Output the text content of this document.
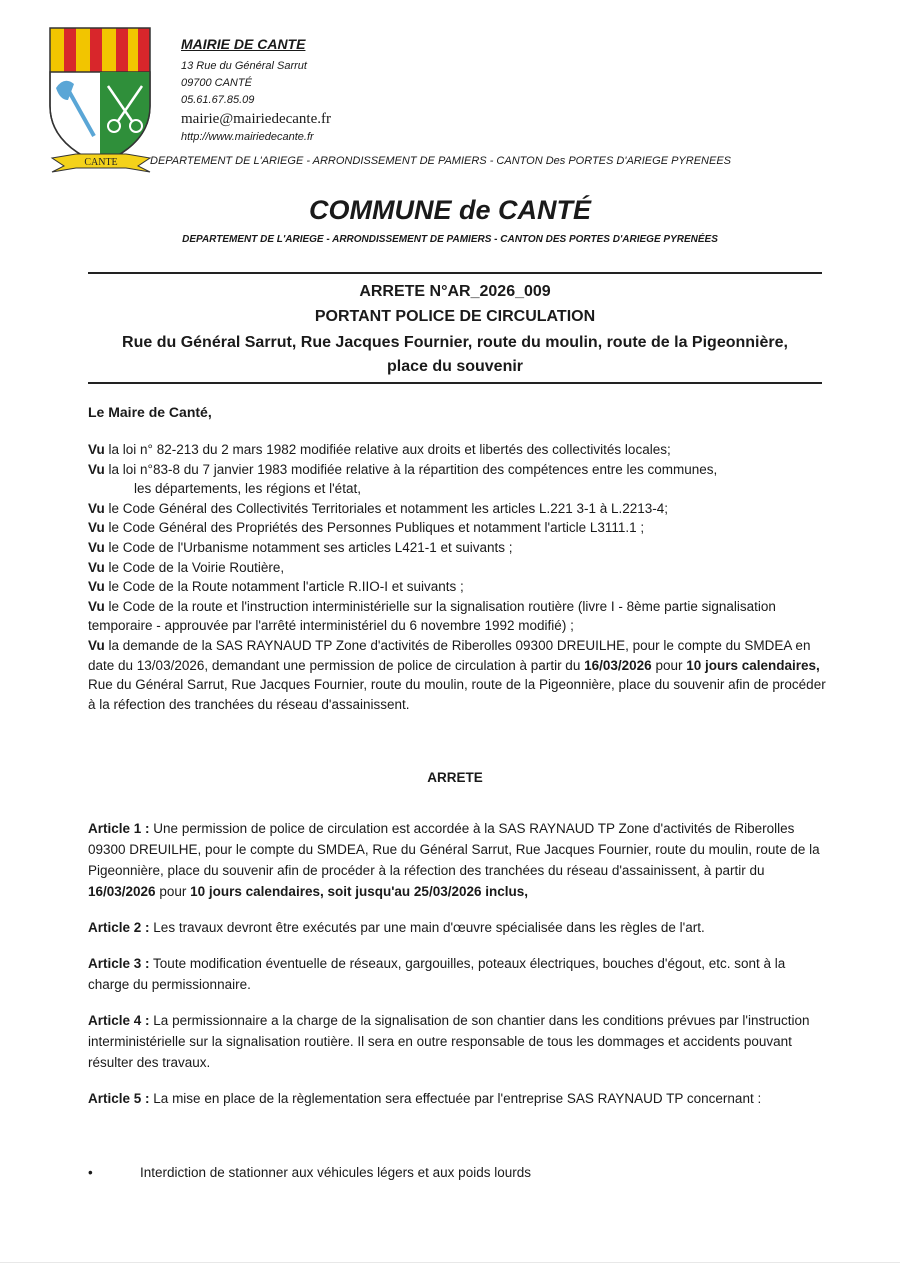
CANTE
MAIRIE DE CANTE
13 Rue du Général Sarrut
09700 CANTÉ
05.61.67.85.09
mairie@mairiedecante.fr
http://www.mairiedecante.fr
DEPARTEMENT DE L'ARIEGE - ARRONDISSEMENT DE PAMIERS - CANTON Des PORTES D'ARIEGE PYRENEES
COMMUNE de CANTÉ
DEPARTEMENT DE L'ARIEGE - ARRONDISSEMENT DE PAMIERS - CANTON DES PORTES D'ARIEGE PYRENÉES
ARRETE N°AR_2026_009
PORTANT POLICE DE CIRCULATION
Rue du Général Sarrut, Rue Jacques Fournier, route du moulin, route de la Pigeonnière, place du souvenir
Le Maire de Canté,

Vu la loi n° 82-213 du 2 mars 1982 modifiée relative aux droits et libertés des collectivités locales;

Vu la loi n°83-8 du 7 janvier 1983 modifiée relative à la répartition des compétences entre les communes,
les départements, les régions et l'état,

Vu le Code Général des Collectivités Territoriales et notamment les articles L.221 3-1 à L.2213-4;

Vu le Code Général des Propriétés des Personnes Publiques et notamment l'article L3111.1 ;

Vu le Code de l'Urbanisme notamment ses articles L421-1 et suivants ;

Vu le Code de la Voirie Routière,

Vu le Code de la Route notamment l'article R.IIO-I et suivants ;

Vu le Code de la route et l'instruction interministérielle sur la signalisation routière (livre I - 8ème partie signalisation temporaire - approuvée par l'arrêté interministériel du 6 novembre 1992 modifié) ;

Vu la demande de la SAS RAYNAUD TP Zone d'activités de Riberolles 09300 DREUILHE, pour le compte du SMDEA en date du 13/03/2026, demandant une permission de police de circulation à partir du 16/03/2026 pour 10 jours calendaires, Rue du Général Sarrut, Rue Jacques Fournier, route du moulin, route de la Pigeonnière, place du souvenir afin de procéder à la réfection des tranchées du réseau d'assainissent.

ARRETE

Article 1 : Une permission de police de circulation est accordée à la SAS RAYNAUD TP Zone d'activités de Riberolles 09300 DREUILHE, pour le compte du SMDEA, Rue du Général Sarrut, Rue Jacques Fournier, route du moulin, route de la Pigeonnière, place du souvenir afin de procéder à la réfection des tranchées du réseau d'assainissent, à partir du 16/03/2026 pour 10 jours calendaires, soit jusqu'au 25/03/2026 inclus,

Article 2 : Les travaux devront être exécutés par une main d'œuvre spécialisée dans les règles de l'art.

Article 3 : Toute modification éventuelle de réseaux, gargouilles, poteaux électriques, bouches d'égout, etc. sont à la charge du permissionnaire.

Article 4 : La permissionnaire a la charge de la signalisation de son chantier dans les conditions prévues par l'instruction interministérielle sur la signalisation routière. Il sera en outre responsable de tous les dommages et accidents pouvant résulter des travaux.

Article 5 : La mise en place de la règlementation sera effectuée par l'entreprise SAS RAYNAUD TP concernant :

•	Interdiction de stationner aux véhicules légers et aux poids lourds
